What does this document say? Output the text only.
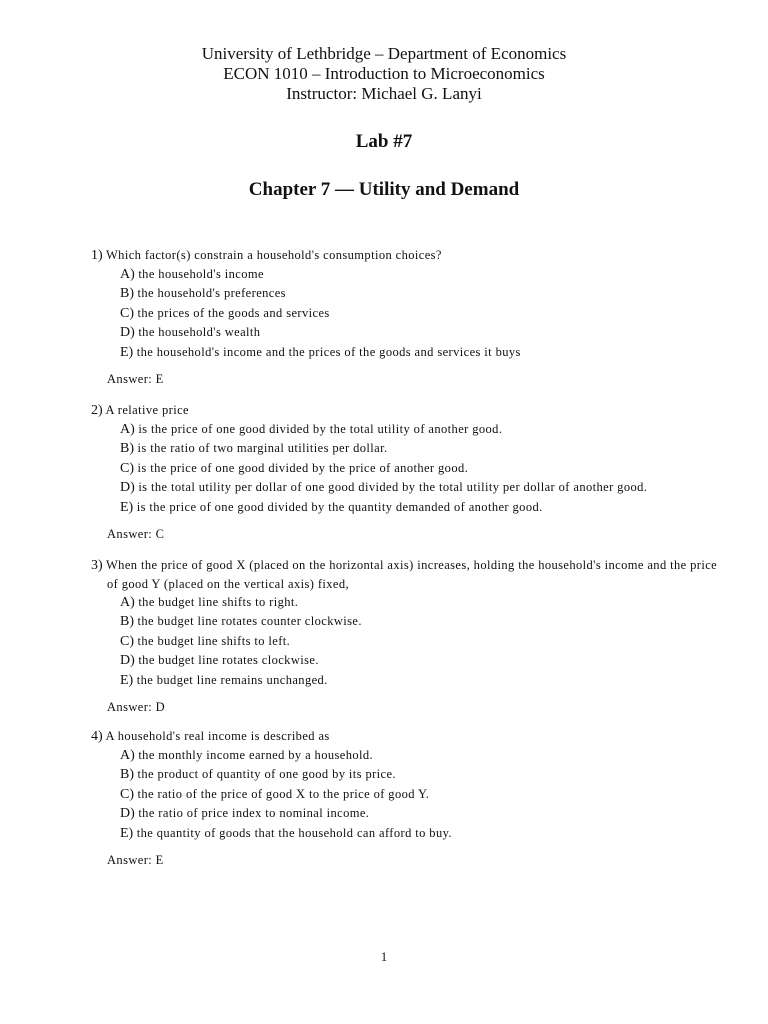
University of Lethbridge – Department of Economics
ECON 1010 – Introduction to Microeconomics
Instructor: Michael G. Lanyi
Lab #7
Chapter 7 — Utility and Demand
1) Which factor(s) constrain a household's consumption choices?
A) the household's income
B) the household's preferences
C) the prices of the goods and services
D) the household's wealth
E) the household's income and the prices of the goods and services it buys
Answer: E
2) A relative price
A) is the price of one good divided by the total utility of another good.
B) is the ratio of two marginal utilities per dollar.
C) is the price of one good divided by the price of another good.
D) is the total utility per dollar of one good divided by the total utility per dollar of another good.
E) is the price of one good divided by the quantity demanded of another good.
Answer: C
3) When the price of good X (placed on the horizontal axis) increases, holding the household's income and the price of good Y (placed on the vertical axis) fixed,
A) the budget line shifts to right.
B) the budget line rotates counter clockwise.
C) the budget line shifts to left.
D) the budget line rotates clockwise.
E) the budget line remains unchanged.
Answer: D
4) A household's real income is described as
A) the monthly income earned by a household.
B) the product of quantity of one good by its price.
C) the ratio of the price of good X to the price of good Y.
D) the ratio of price index to nominal income.
E) the quantity of goods that the household can afford to buy.
Answer: E
1
